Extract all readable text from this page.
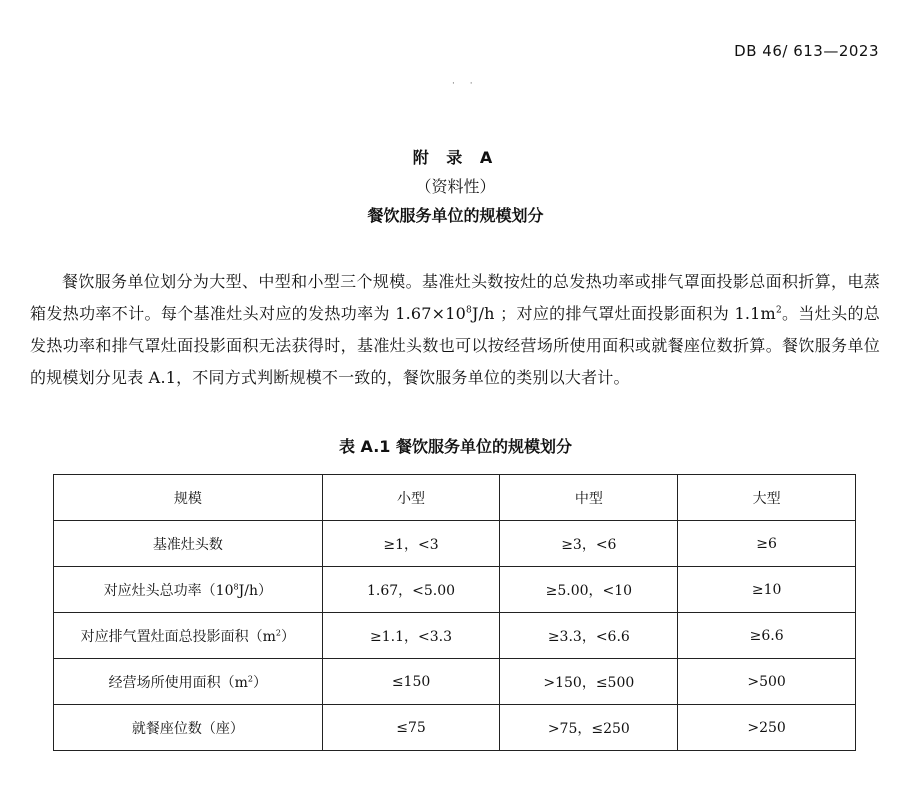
DB 46/ 613—2023
· ·
附 录 A
（资料性）
餐饮服务单位的规模划分

餐饮服务单位划分为大型、中型和小型三个规模。基准灶头数按灶的总发热功率或排气罩面投影总面积折算，电蒸箱发热功率不计。每个基准灶头对应的发热功率为 $1.67\times 10^8J/h$ ；对应的排气罩灶面投影面积为 $1.1m^2$。当灶头的总发热功率和排气罩灶面投影面积无法获得时，基准灶头数也可以按经营场所使用面积或就餐座位数折算。餐饮服务单位的规模划分见表 A.1，不同方式判断规模不一致的，餐饮服务单位的类别以大者计。

表 A.1 餐饮服务单位的规模划分
规模	小型	中型	大型
基准灶头数	≥1，<3	≥3，<6	≥6
对应灶头总功率$(10^8J/h)$	1.67，<5.00	≥5.00，<10	≥10
对应排气置灶面总投影面积$(m^2)$	≥1.1，<3.3	≥3.3，<6.6	≥6.6
经营场所使用面积$(m^2)$	≤150	>150，≤500	>500
就餐座位数（座）	≤75	>75，≤250	>250
